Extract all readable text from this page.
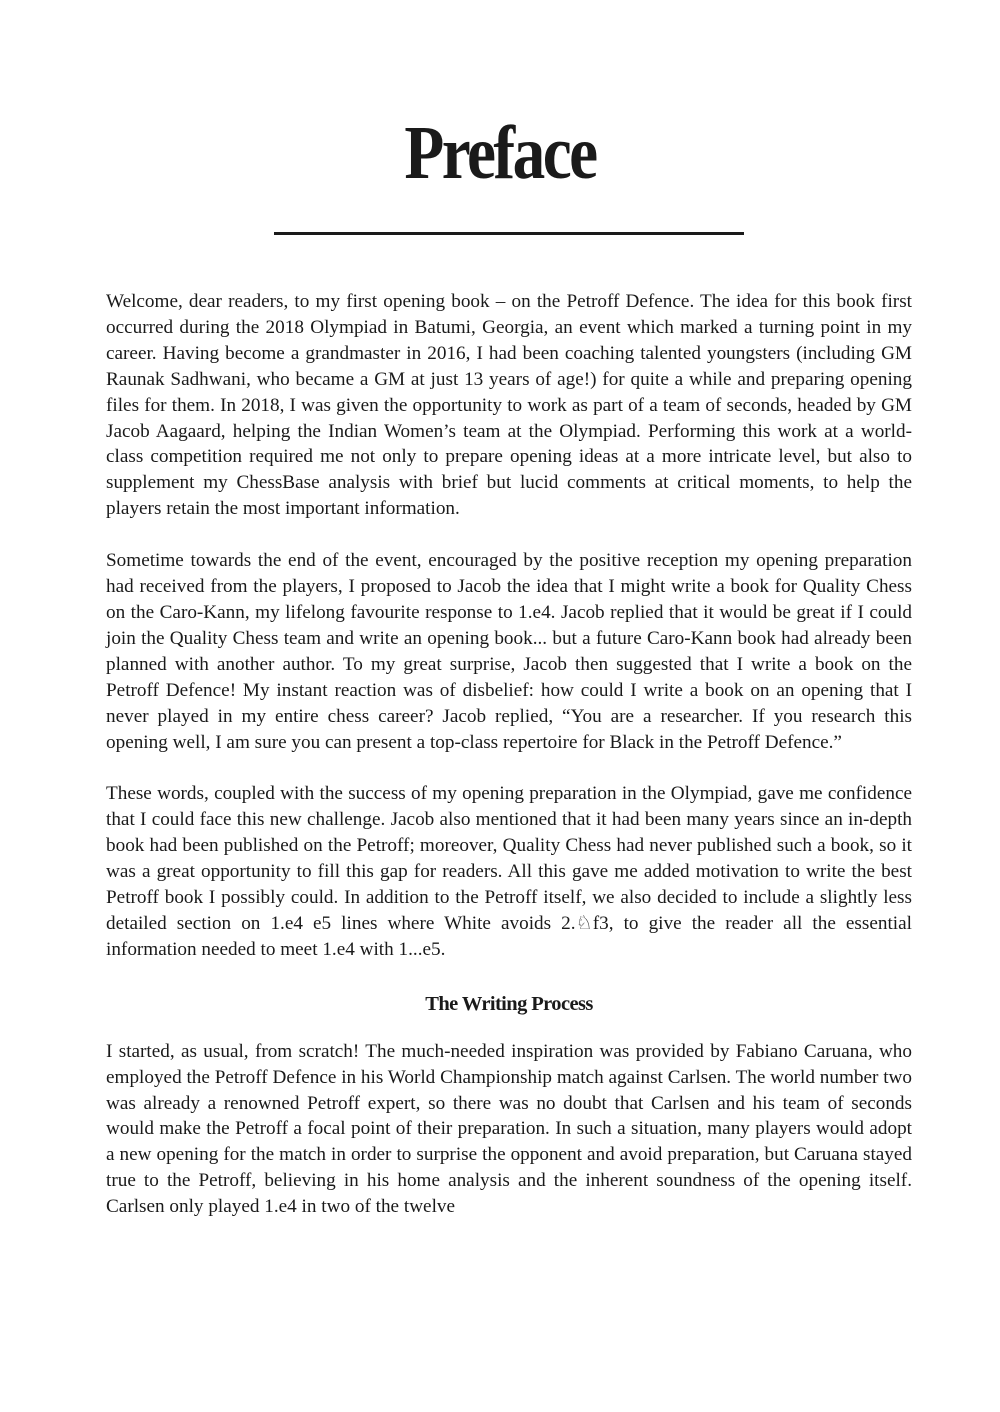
Preface

Welcome, dear readers, to my first opening book – on the Petroff Defence. The idea for this book first occurred during the 2018 Olympiad in Batumi, Georgia, an event which marked a turning point in my career. Having become a grandmaster in 2016, I had been coaching talented youngsters (including GM Raunak Sadhwani, who became a GM at just 13 years of age!) for quite a while and preparing opening files for them. In 2018, I was given the opportunity to work as part of a team of seconds, headed by GM Jacob Aagaard, helping the Indian Women’s team at the Olympiad. Performing this work at a world-class competition required me not only to prepare opening ideas at a more intricate level, but also to supplement my ChessBase analysis with brief but lucid comments at critical moments, to help the players retain the most important information.

Sometime towards the end of the event, encouraged by the positive reception my opening preparation had received from the players, I proposed to Jacob the idea that I might write a book for Quality Chess on the Caro-Kann, my lifelong favourite response to 1.e4. Jacob replied that it would be great if I could join the Quality Chess team and write an opening book... but a future Caro-Kann book had already been planned with another author. To my great surprise, Jacob then suggested that I write a book on the Petroff Defence! My instant reaction was of disbelief: how could I write a book on an opening that I never played in my entire chess career? Jacob replied, “You are a researcher. If you research this opening well, I am sure you can present a top-class repertoire for Black in the Petroff Defence.”

These words, coupled with the success of my opening preparation in the Olympiad, gave me confidence that I could face this new challenge. Jacob also mentioned that it had been many years since an in-depth book had been published on the Petroff; moreover, Quality Chess had never published such a book, so it was a great opportunity to fill this gap for readers. All this gave me added motivation to write the best Petroff book I possibly could. In addition to the Petroff itself, we also decided to include a slightly less detailed section on 1.e4 e5 lines where White avoids 2.♘f3, to give the reader all the essential information needed to meet 1.e4 with 1...e5.

The Writing Process

I started, as usual, from scratch! The much-needed inspiration was provided by Fabiano Caruana, who employed the Petroff Defence in his World Championship match against Carlsen. The world number two was already a renowned Petroff expert, so there was no doubt that Carlsen and his team of seconds would make the Petroff a focal point of their preparation. In such a situation, many players would adopt a new opening for the match in order to surprise the opponent and avoid preparation, but Caruana stayed true to the Petroff, believing in his home analysis and the inherent soundness of the opening itself. Carlsen only played 1.e4 in two of the twelve
